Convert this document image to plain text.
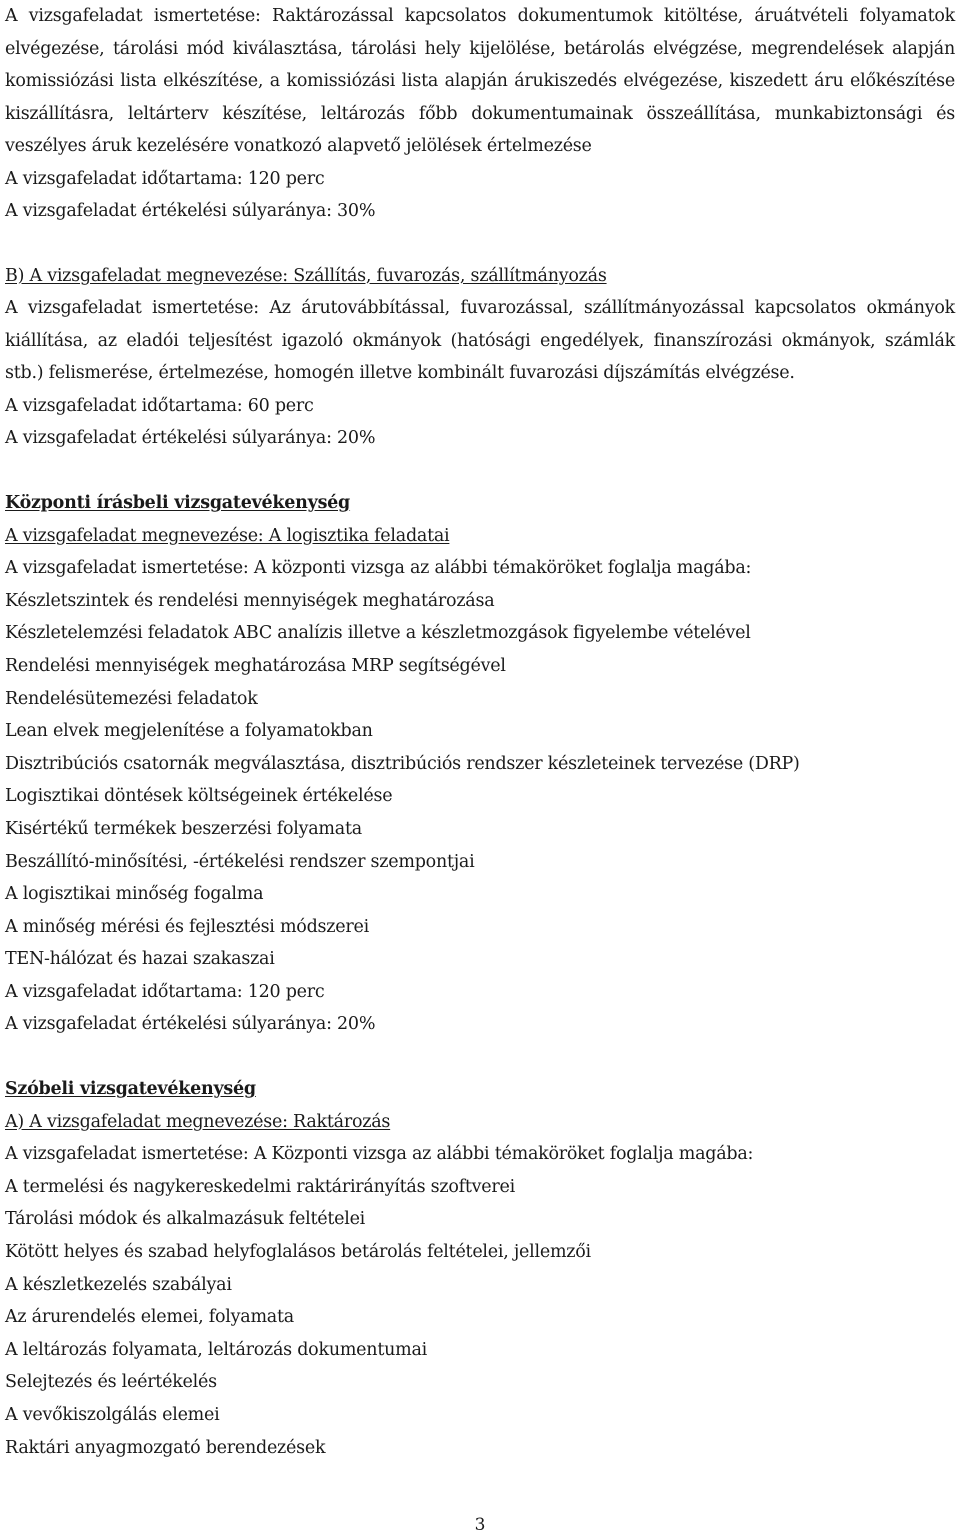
A vizsgafeladat ismertetése: Raktározással kapcsolatos dokumentumok kitöltése, áruátvételi folyamatok elvégezése, tárolási mód kiválasztása, tárolási hely kijelölése, betárolás elvégzése, megrendelések alapján komissiózási lista elkészítése, a komissiózási lista alapján árukiszedés elvégezése, kiszedett áru előkészítése kiszállításra, leltárterv készítése, leltározás főbb dokumentumainak összeállítása, munkabiztonsági és veszélyes áruk kezelésére vonatkozó alapvető jelölések értelmezése

A vizsgafeladat időtartama: 120 perc

A vizsgafeladat értékelési súlyaránya: 30%

B) A vizsgafeladat megnevezése: Szállítás, fuvarozás, szállítmányozás

A vizsgafeladat ismertetése: Az árutovábbítással, fuvarozással, szállítmányozással kapcsolatos okmányok kiállítása, az eladói teljesítést igazoló okmányok (hatósági engedélyek, finanszírozási okmányok, számlák stb.) felismerése, értelmezése, homogén illetve kombinált fuvarozási díjszámítás elvégzése.

A vizsgafeladat időtartama: 60 perc

A vizsgafeladat értékelési súlyaránya: 20%

Központi írásbeli vizsgatevékenység

A vizsgafeladat megnevezése: A logisztika feladatai

A vizsgafeladat ismertetése: A központi vizsga az alábbi témaköröket foglalja magába:

Készletszintek és rendelési mennyiségek meghatározása

Készletelemzési feladatok ABC analízis illetve a készletmozgások figyelembe vételével

Rendelési mennyiségek meghatározása MRP segítségével

Rendelésütemezési feladatok

Lean elvek megjelenítése a folyamatokban

Disztribúciós csatornák megválasztása, disztribúciós rendszer készleteinek tervezése (DRP)

Logisztikai döntések költségeinek értékelése

Kisértékű termékek beszerzési folyamata

Beszállító-minősítési, -értékelési rendszer szempontjai

A logisztikai minőség fogalma

A minőség mérési és fejlesztési módszerei

TEN-hálózat és hazai szakaszai

A vizsgafeladat időtartama: 120 perc

A vizsgafeladat értékelési súlyaránya: 20%

Szóbeli vizsgatevékenység

A) A vizsgafeladat megnevezése: Raktározás

A vizsgafeladat ismertetése: A Központi vizsga az alábbi témaköröket foglalja magába:

A termelési és nagykereskedelmi raktárirányítás szoftverei

Tárolási módok és alkalmazásuk feltételei

Kötött helyes és szabad helyfoglalásos betárolás feltételei, jellemzői

A készletkezelés szabályai

Az árurendelés elemei, folyamata

A leltározás folyamata, leltározás dokumentumai

Selejtezés és leértékelés

A vevőkiszolgálás elemei

Raktári anyagmozgató berendezések

3
